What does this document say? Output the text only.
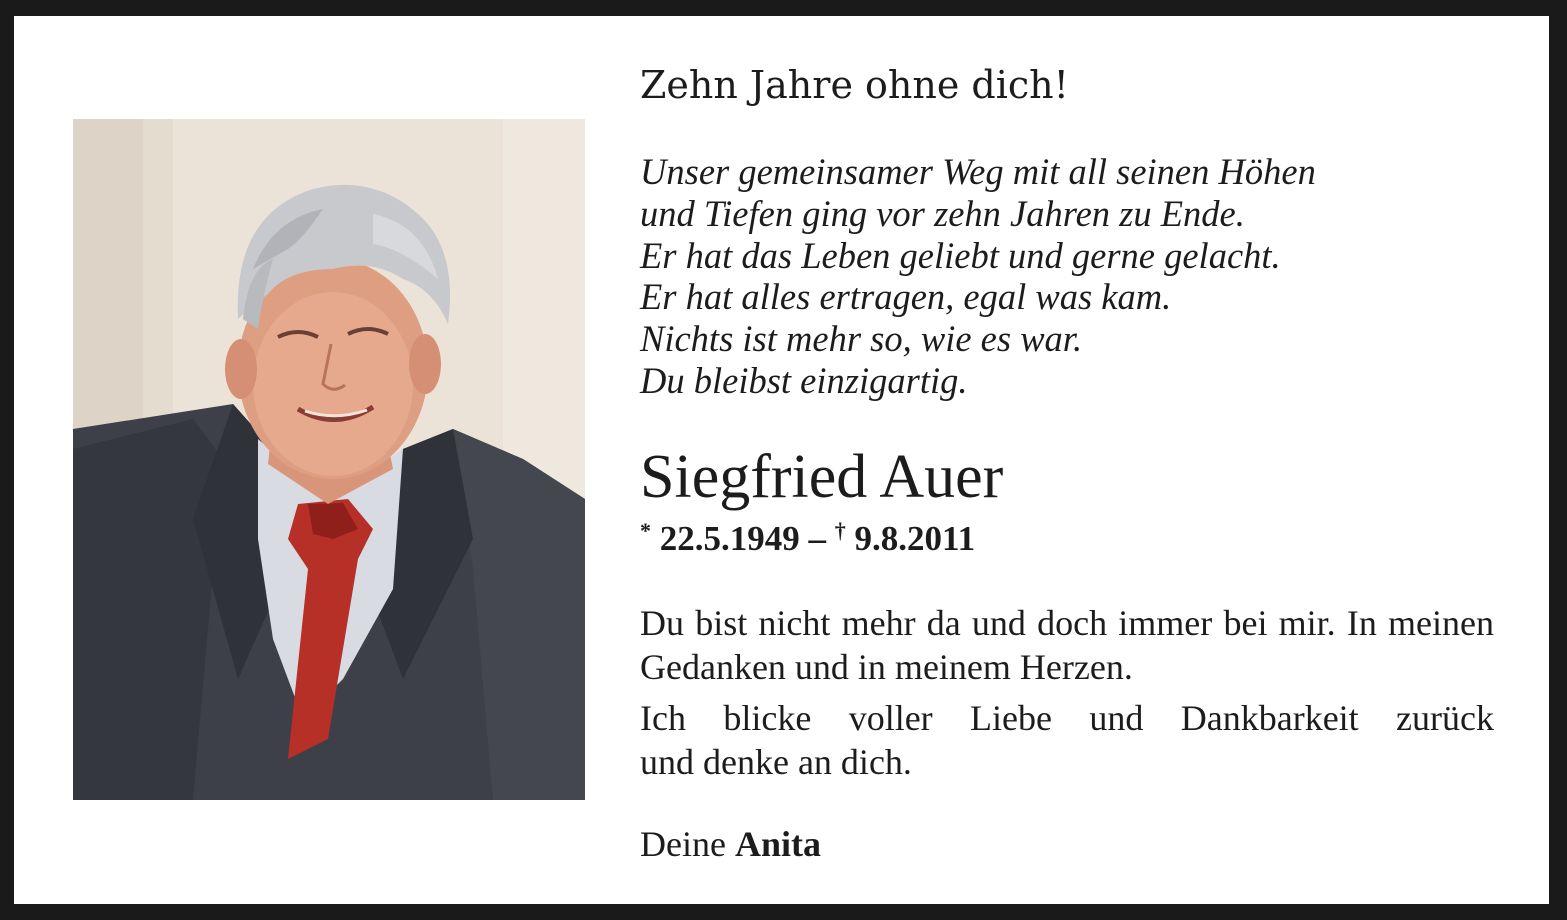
Zehn Jahre ohne dich!
Unser gemeinsamer Weg mit all seinen Höhen
und Tiefen ging vor zehn Jahren zu Ende.
Er hat das Leben geliebt und gerne gelacht.
Er hat alles ertragen, egal was kam.
Nichts ist mehr so, wie es war.
Du bleibst einzigartig.
Siegfried Auer
* 22.5.1949 – † 9.8.2011
Du bist nicht mehr da und doch immer bei mir. In meinen Gedanken und in meinem Herzen.
Ich blicke voller Liebe und Dankbarkeit zurück
und denke an dich.
Deine Anita
